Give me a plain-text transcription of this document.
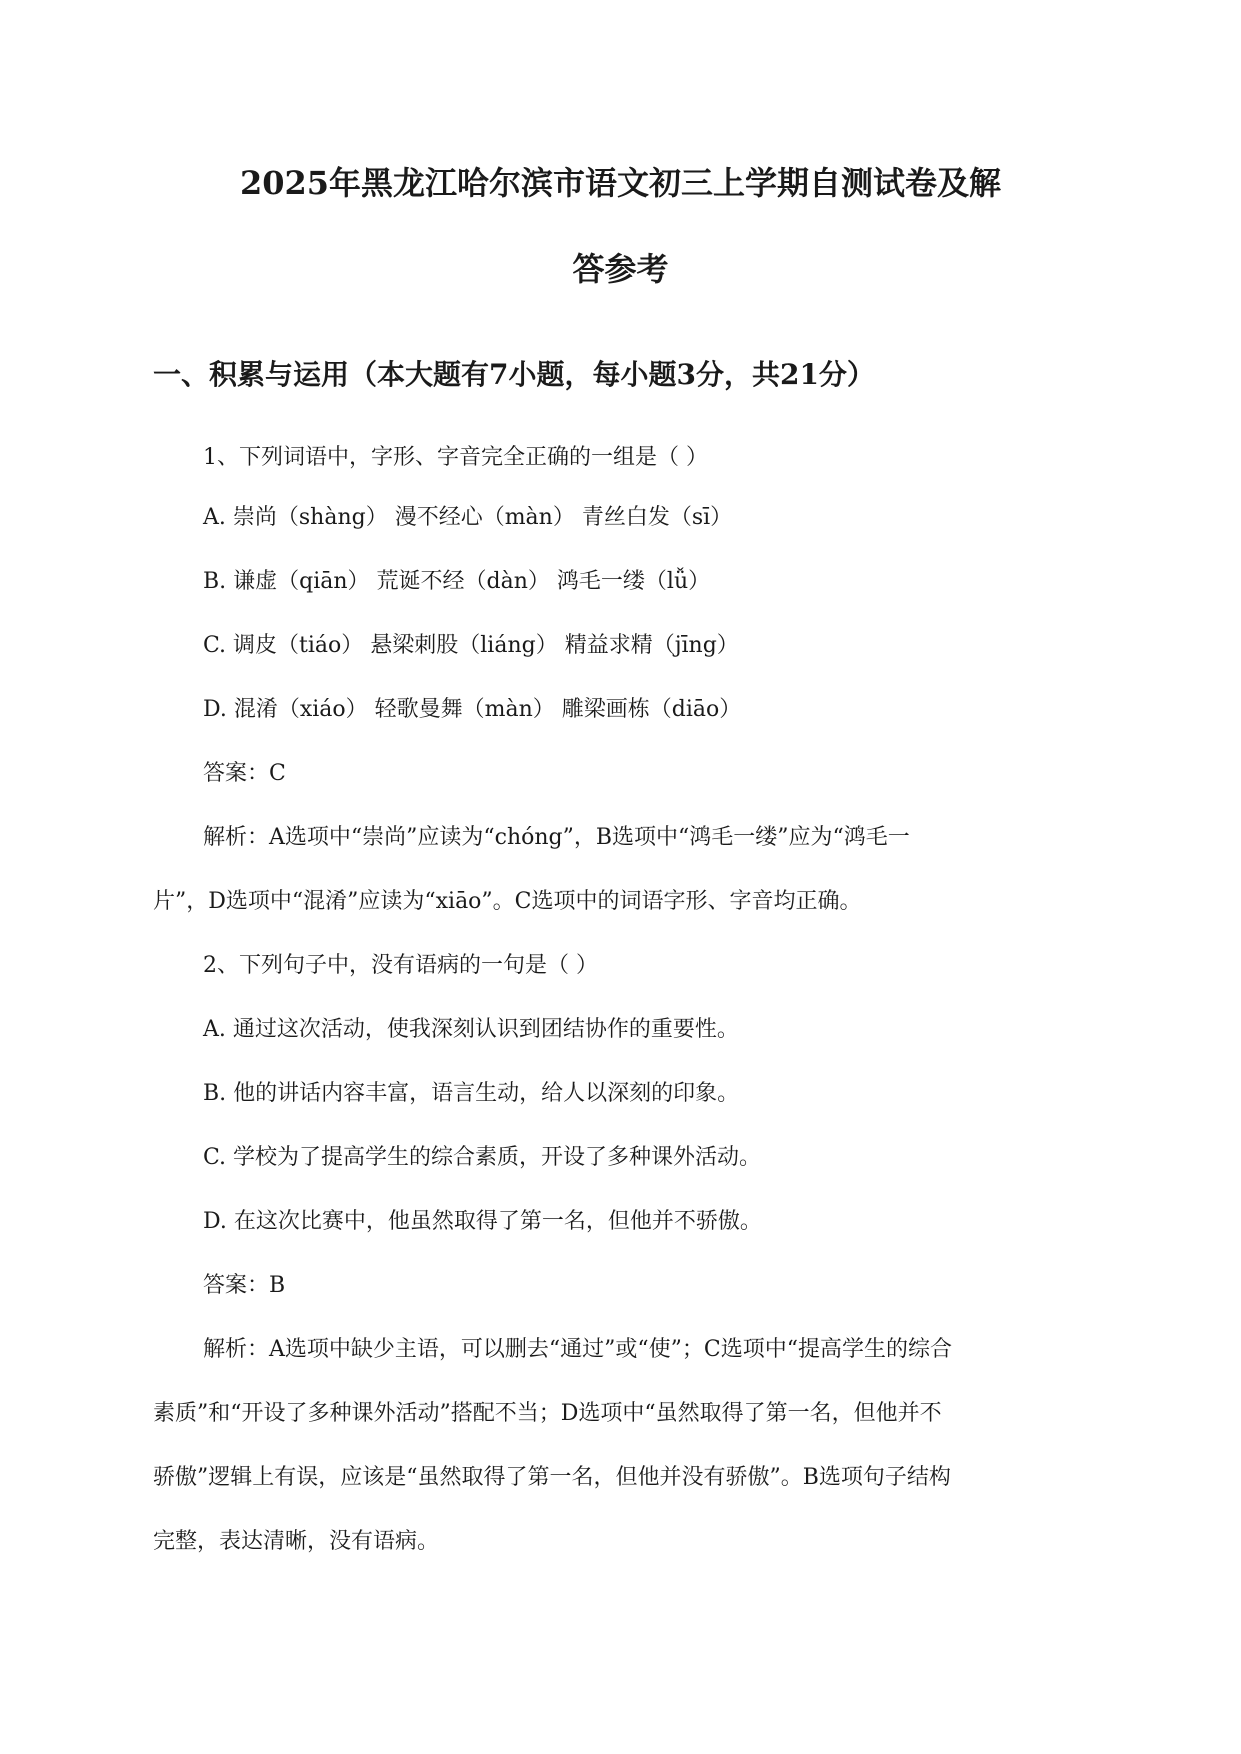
2025年黑龙江哈尔滨市语文初三上学期自测试卷及解
答参考
一、积累与运用（本大题有7小题，每小题3分，共21分）
1、下列词语中，字形、字音完全正确的一组是（ ）
A. 崇尚（shàng） 漫不经心（màn） 青丝白发（sī）
B. 谦虚（qiān） 荒诞不经（dàn） 鸿毛一缕（lǚ）
C. 调皮（tiáo） 悬梁刺股（liáng） 精益求精（jīng）
D. 混淆（xiáo） 轻歌曼舞（màn） 雕梁画栋（diāo）
答案：C
解析：A选项中“崇尚”应读为“chóng”，B选项中“鸿毛一缕”应为“鸿毛一
片”，D选项中“混淆”应读为“xiāo”。C选项中的词语字形、字音均正确。
2、下列句子中，没有语病的一句是（ ）
A. 通过这次活动，使我深刻认识到团结协作的重要性。
B. 他的讲话内容丰富，语言生动，给人以深刻的印象。
C. 学校为了提高学生的综合素质，开设了多种课外活动。
D. 在这次比赛中，他虽然取得了第一名，但他并不骄傲。
答案：B
解析：A选项中缺少主语，可以删去“通过”或“使”；C选项中“提高学生的综合
素质”和“开设了多种课外活动”搭配不当；D选项中“虽然取得了第一名，但他并不
骄傲”逻辑上有误，应该是“虽然取得了第一名，但他并没有骄傲”。B选项句子结构
完整，表达清晰，没有语病。
